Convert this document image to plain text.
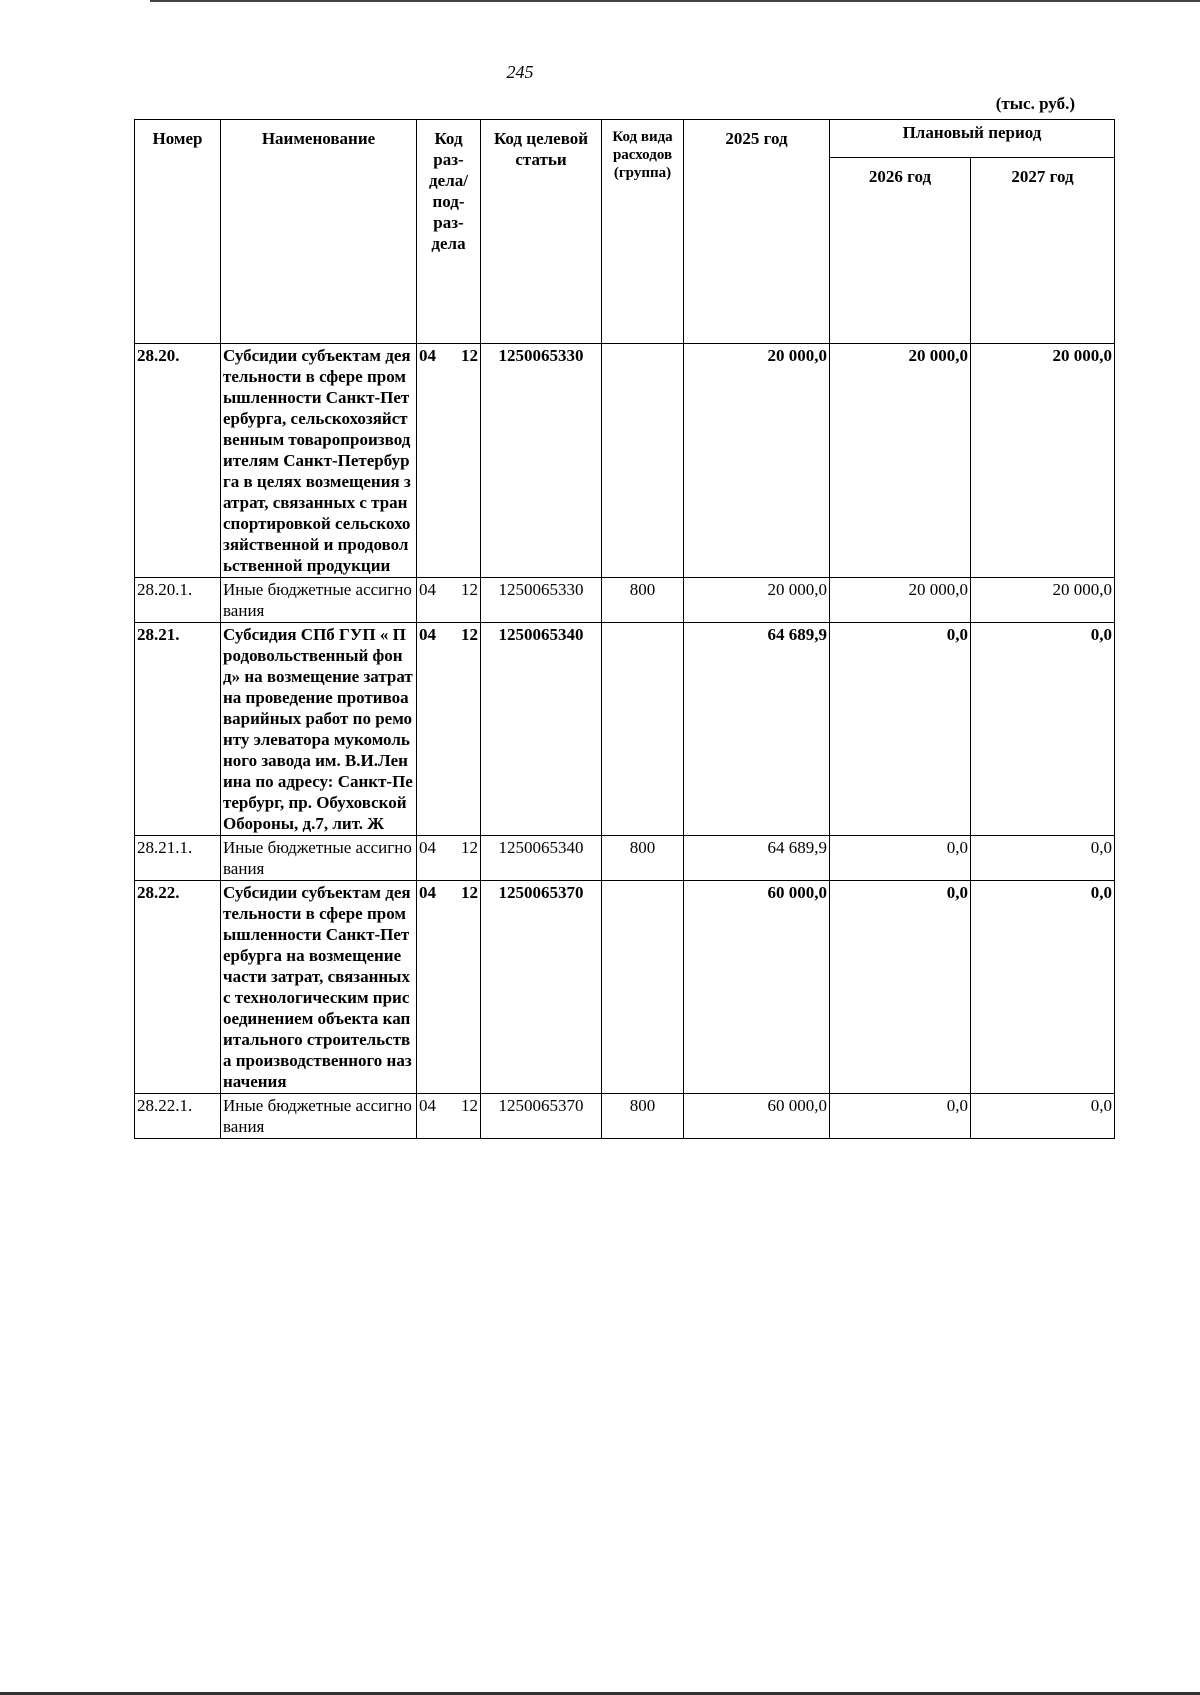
245
(тыс. руб.)
Номер	Наименование	Код раз-дела/ под-раз-дела	Код целевой статьи	Код вида расходов (группа)	2025 год	Плановый период	
						2026 год	2027 год
28.20.	Субсидии субъектам деятельности в сфере промышленности Санкт-Петербурга, сельскохозяйственным товаропроизводителям Санкт-Петербурга в целях возмещения затрат, связанных с транспортировкой сельскохозяйственной и продовольственной продукции	04 12	1250065330		20 000,0	20 000,0	20 000,0
28.20.1.	Иные бюджетные ассигнования	04 12	1250065330	800	20 000,0	20 000,0	20 000,0
28.21.	Субсидия СПб ГУП « Продовольственный фонд» на возмещение затрат на проведение противоаварийных работ по ремонту элеватора мукомольного завода им. В.И.Ленина по адресу: Санкт-Петербург, пр. Обуховской Обороны, д.7, лит. Ж	04 12	1250065340		64 689,9	0,0	0,0
28.21.1.	Иные бюджетные ассигнования	04 12	1250065340	800	64 689,9	0,0	0,0
28.22.	Субсидии субъектам деятельности в сфере промышленности Санкт-Петербурга на возмещение части затрат, связанных с технологическим присоединением объекта капитального строительства производственного назначения	04 12	1250065370		60 000,0	0,0	0,0
28.22.1.	Иные бюджетные ассигнования	04 12	1250065370	800	60 000,0	0,0	0,0
